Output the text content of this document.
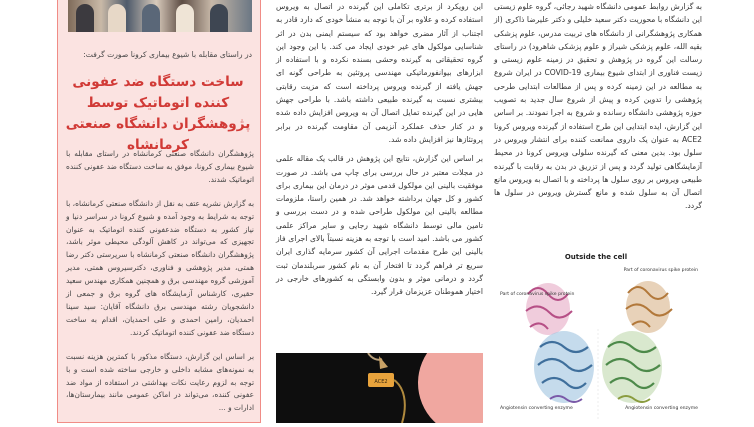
در راستای مقابله با شیوع بیماری کرونا صورت گرفت:
ساخت دستگاه ضد عفونی کننده اتوماتیک توسط پژوهشگران دانشگاه صنعتی کرمانشاه

پژوهشگران دانشگاه صنعتی کرمانشاه در راستای مقابله با شیوع بیماری کرونا، موفق به ساخت دستگاه ضد عفونی کننده اتوماتیک شدند.

به گزارش نشریه عتف به نقل از دانشگاه صنعتی کرمانشاه، با توجه به شرایط به وجود آمده و شیوع کرونا در سراسر دنیا و نیاز کشور به دستگاه ضدعفونی کننده اتوماتیک به عنوان تجهیزی که می‌تواند در کاهش آلودگی محیطی موثر باشد، پژوهشگران دانشگاه صنعتی کرمانشاه با سرپرستی دکتر رضا همتی، مدیر پژوهشی و فناوری، دکترسیروس همتی، مدیر آموزشی گروه مهندسی برق و همچنین همکاری مهندس سعید حقیری، کارشناس آزمایشگاه های گروه برق و جمعی از دانشجویان رشته مهندسی برق دانشگاه آقایان: سید سینا احمدیان، رامین احمدی و علی احمدیان، اقدام به ساخت دستگاه ضد عفونی کننده اتوماتیک کردند.

بر اساس این گزارش، دستگاه مذکور با کمترین هزینه نسبت به نمونه‌های مشابه داخلی و خارجی ساخته شده است و با توجه به لزوم رعایت نکات بهداشتی در استفاده از مواد ضد عفونی کننده، می‌تواند در اماکن عمومی مانند بیمارستان‌ها، ادارات و ...

این رویکرد از برتری تکاملی این گیرنده در اتصال به ویروس استفاده کرده و علاوه بر آن با توجه به منشأ خودی که دارد قادر به اجتناب از آثار مضری خواهد بود که سیستم ایمنی بدن در اثر شناسایی مولکول های غیر خودی ایجاد می کند. با این وجود این گروه تحقیقاتی به گیرنده وحشی بسنده نکرده و با استفاده از ابزارهای بیوانفورماتیکی مهندسی پروتئین به طراحی گونه ای جهش یافته از گیرنده ویروس پرداخته است که مزیت رقابتی بیشتری نسبت به گیرنده طبیعی داشته باشد. با طراحی جهش هایی در این گیرنده تمایل اتصال آن به ویروس افزایش داده شده و در کنار حذف عملکرد آنزیمی آن مقاومت گیرنده در برابر پروتئازها نیز افزایش داده شد.

بر اساس این گزارش، نتایج این پژوهش در قالب یک مقاله علمی در مجلات معتبر در حال بررسی برای چاپ می باشد. در صورت موفقیت بالینی این مولکول قدمی موثر در درمان این بیماری برای کشور و کل جهان برداشته خواهد شد. در همین راستا، ملزومات مطالعه بالینی این مولکول طراحی شده و در دست بررسی و تامین مالی توسط دانشگاه شهید رجایی و سایر مراکز علمی کشور می باشد. امید است با توجه به هزینه نسبتاً بالای اجرای فاز بالینی این طرح مقدمات اجرایی آن کشور سرمایه گذاری ایران سریع تر فراهم گردد تا افتخار آن به نام کشور سربلندمان ثبت گردد و درمانی موثر و بدون وابستگی به کشورهای خارجی در اختیار هموطنان عزیزمان قرار گیرد.

ACE2

به گزارش روابط عمومی دانشگاه شهید رجائی، گروه علوم زیستی این دانشگاه با محوریت دکتر سعید خلیلی و دکتر علیرضا ذاکری (از همکاری پژوهشگرانی از دانشگاه های تربیت مدرس، علوم پزشکی بقیه الله، علوم پزشکی شیراز و علوم پزشکی شاهرود) در راستای رسالت این گروه در پژوهش و تحقیق در زمینه علوم زیستی و زیست فناوری از ابتدای شیوع بیماری COVID-19 در ایران شروع به مطالعه در این زمینه کرده و پس از مطالعات ابتدایی طرحی پژوهشی را تدوین کرده و پیش از شروع سال جدید به تصویب حوزه پژوهشی دانشگاه رسانده و شروع به اجرا نمودند. بر اساس این گزارش، ایده ابتدایی این طرح استفاده از گیرنده ویروس کرونا ACE2 به عنوان یک داروی ممانعت کننده برای انتشار ویروس در سلول بود. بدین معنی که گیرنده سلولی ویروس کرونا در محیط آزمایشگاهی تولید گردد و پس از تزریق در بدن به رقابت با گیرنده طبیعی ویروس بر روی سلول ها پرداخته و با اتصال به ویروس مانع اتصال آن به سلول شده و مانع گسترش ویروس در سلول ها گردد.

Outside the cell
Part of coronavirus spike protein
Part of coronavirus spike protein
Angiotensin converting enzyme	Angiotensin converting enzyme
